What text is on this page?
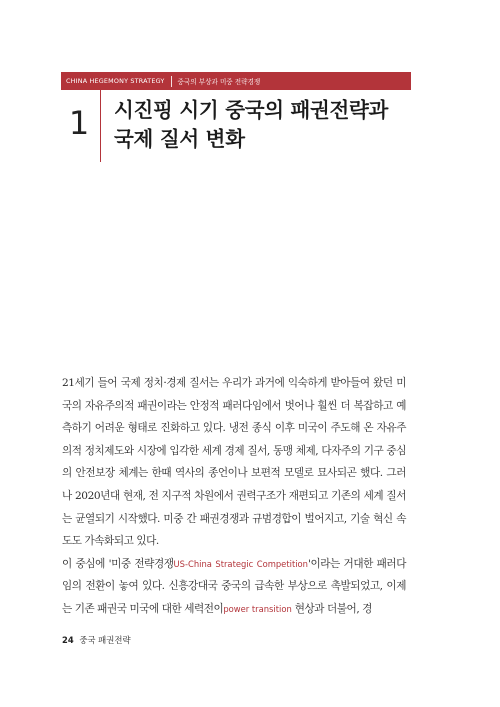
CHINA HEGEMONY STRATEGY	중국의 부상과 미중 전략경쟁
1 시진핑 시기 중국의 패권전략과
국제 질서 변화

21세기 들어 국제 정치·경제 질서는 우리가 과거에 익숙하게 받아들여 왔던 미국의 자유주의적 패권이라는 안정적 패러다임에서 벗어나 훨씬 더 복잡하고 예측하기 어려운 형태로 진화하고 있다. 냉전 종식 이후 미국이 주도해 온 자유주의적 정치제도와 시장에 입각한 세계 경제 질서, 동맹 체제, 다자주의 기구 중심의 안전보장 체계는 한때 역사의 종언이나 보편적 모델로 묘사되곤 했다. 그러나 2020년대 현재, 전 지구적 차원에서 권력구조가 재편되고 기존의 세계 질서는 균열되기 시작했다. 미중 간 패권경쟁과 규범경합이 벌어지고, 기술 혁신 속도도 가속화되고 있다.

이 중심에 '미중 전략경쟁US-China Strategic Competition'이라는 거대한 패러다임의 전환이 놓여 있다. 신흥강대국 중국의 급속한 부상으로 촉발되었고, 이제는 기존 패권국 미국에 대한 세력전이power transition 현상과 더불어, 경

24 중국 패권전략
